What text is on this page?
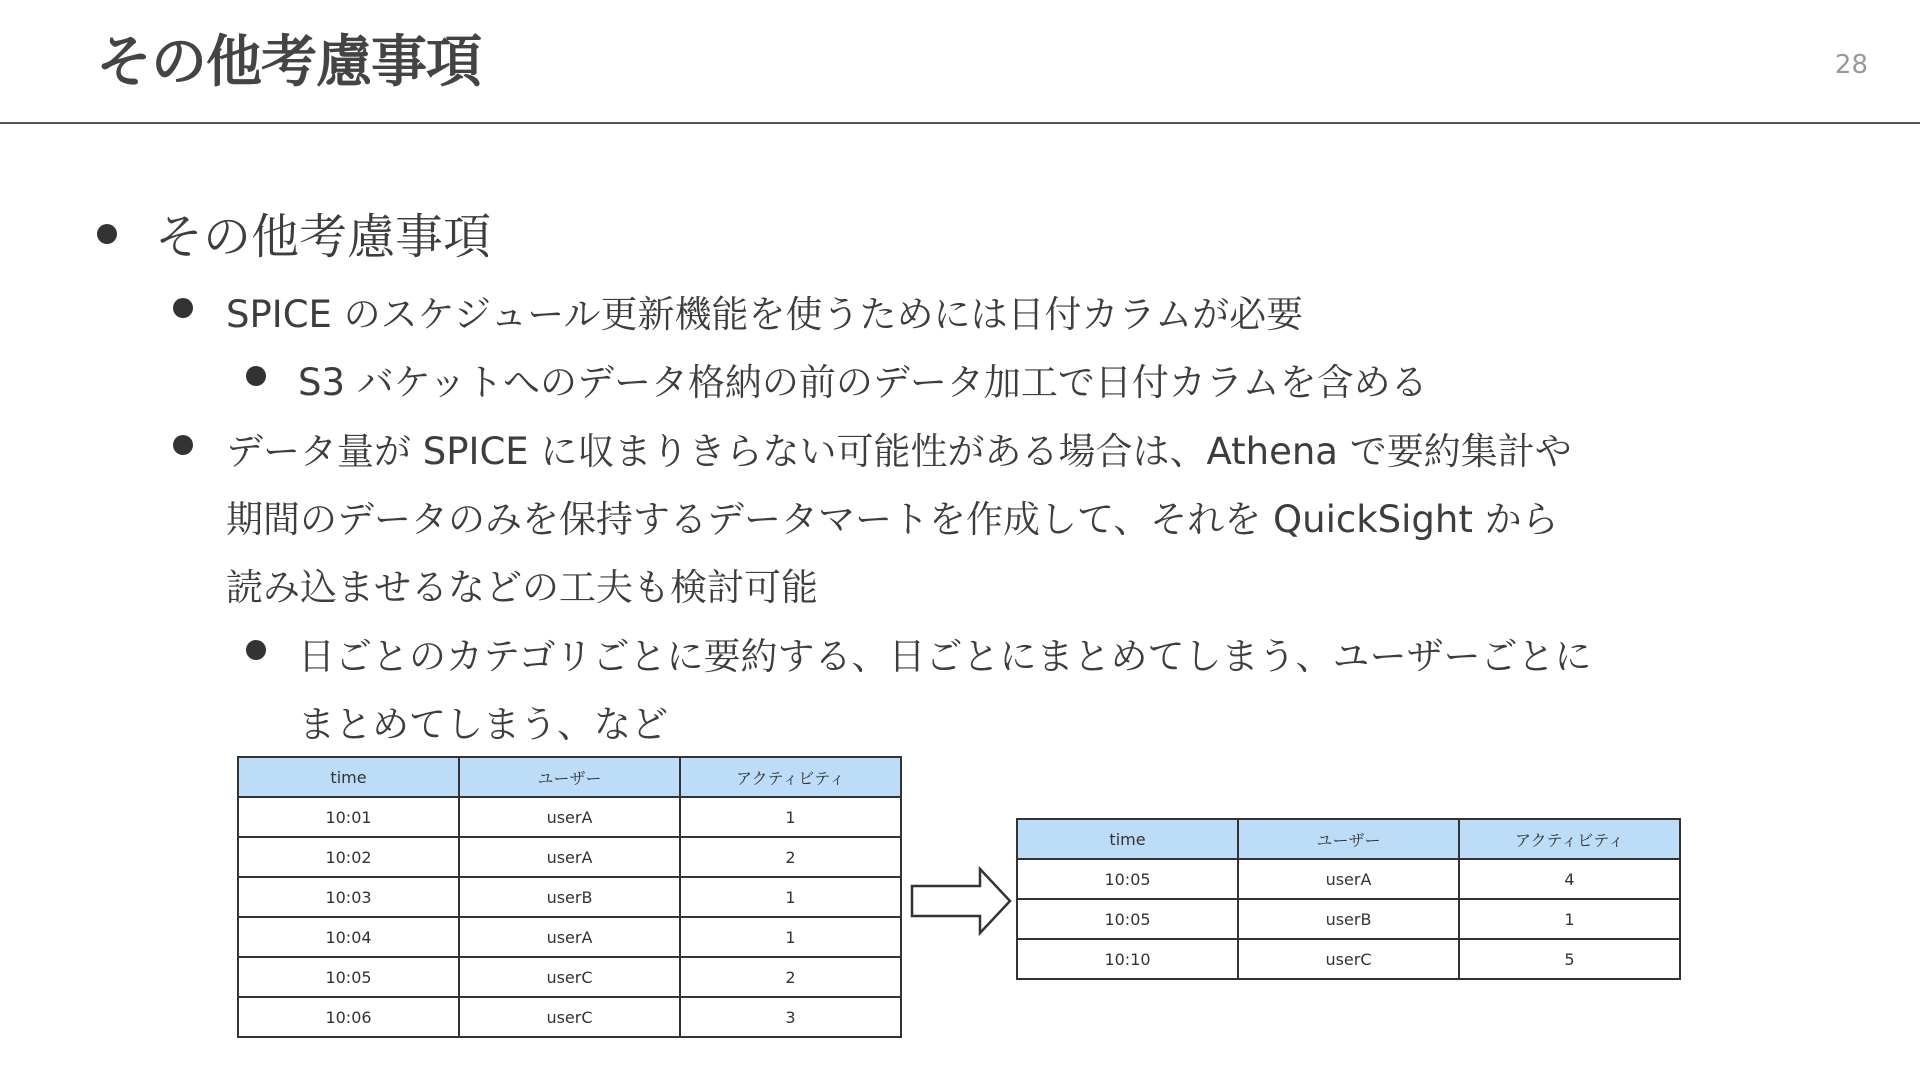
その他考慮事項	28
その他考慮事項
SPICE のスケジュール更新機能を使うためには日付カラムが必要
S3 バケットへのデータ格納の前のデータ加工で日付カラムを含める
データ量が SPICE に収まりきらない可能性がある場合は、Athena で要約集計や
期間のデータのみを保持するデータマートを作成して、それを QuickSight から
読み込ませるなどの工夫も検討可能
日ごとのカテゴリごとに要約する、日ごとにまとめてしまう、ユーザーごとに
まとめてしまう、など
time	ユーザー	アクティビティ
10:01	userA	1
10:02	userA	2
10:03	userB	1
10:04	userA	1
10:05	userC	2
10:06	userC	3
time	ユーザー	アクティビティ
10:05	userA	4
10:05	userB	1
10:10	userC	5
